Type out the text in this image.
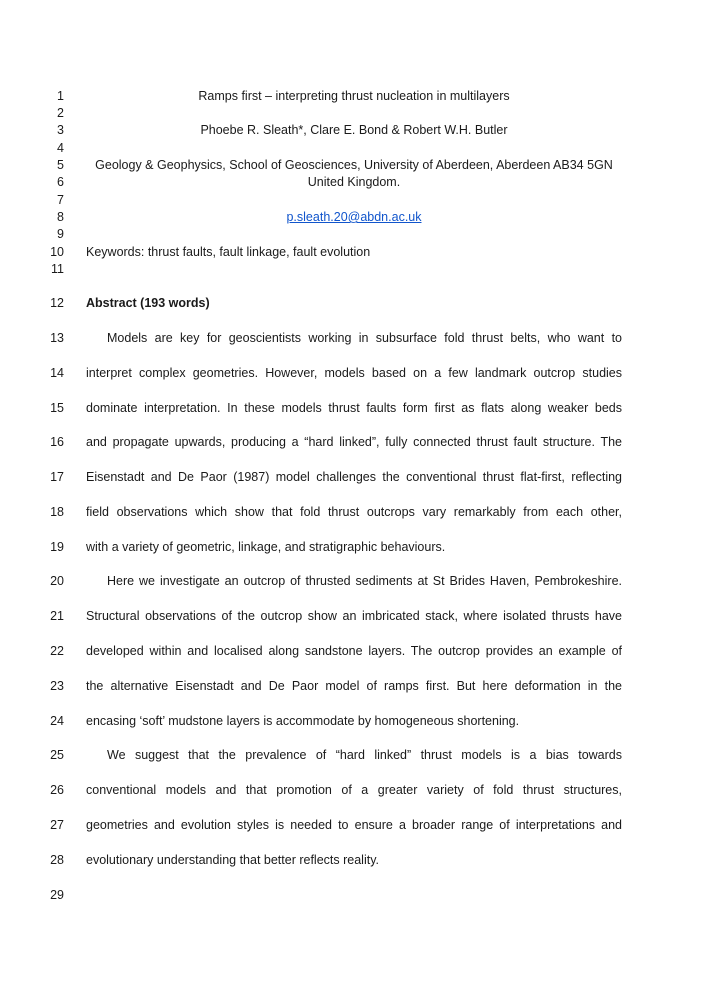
1
2
3
4
5
6
7
8
9
10
11
12
13
14
15
16
17
18
19
20
21
22
23
24
25
26
27
28
29
Ramps first – interpreting thrust nucleation in multilayers
Phoebe R. Sleath*, Clare E. Bond & Robert W.H. Butler
Geology & Geophysics, School of Geosciences, University of Aberdeen, Aberdeen AB34 5GN
United Kingdom.
p.sleath.20@abdn.ac.uk
Keywords: thrust faults, fault linkage, fault evolution
Abstract (193 words)
Models are key for geoscientists working in subsurface fold thrust belts, who want to
interpret complex geometries. However, models based on a few landmark outcrop studies
dominate interpretation. In these models thrust faults form first as flats along weaker beds
and propagate upwards, producing a “hard linked”, fully connected thrust fault structure. The
Eisenstadt and De Paor (1987) model challenges the conventional thrust flat-first, reflecting
field observations which show that fold thrust outcrops vary remarkably from each other,
with a variety of geometric, linkage, and stratigraphic behaviours.
Here we investigate an outcrop of thrusted sediments at St Brides Haven, Pembrokeshire.
Structural observations of the outcrop show an imbricated stack, where isolated thrusts have
developed within and localised along sandstone layers. The outcrop provides an example of
the alternative Eisenstadt and De Paor model of ramps first. But here deformation in the
encasing ‘soft’ mudstone layers is accommodate by homogeneous shortening.
We suggest that the prevalence of “hard linked” thrust models is a bias towards
conventional models and that promotion of a greater variety of fold thrust structures,
geometries and evolution styles is needed to ensure a broader range of interpretations and
evolutionary understanding that better reflects reality.
